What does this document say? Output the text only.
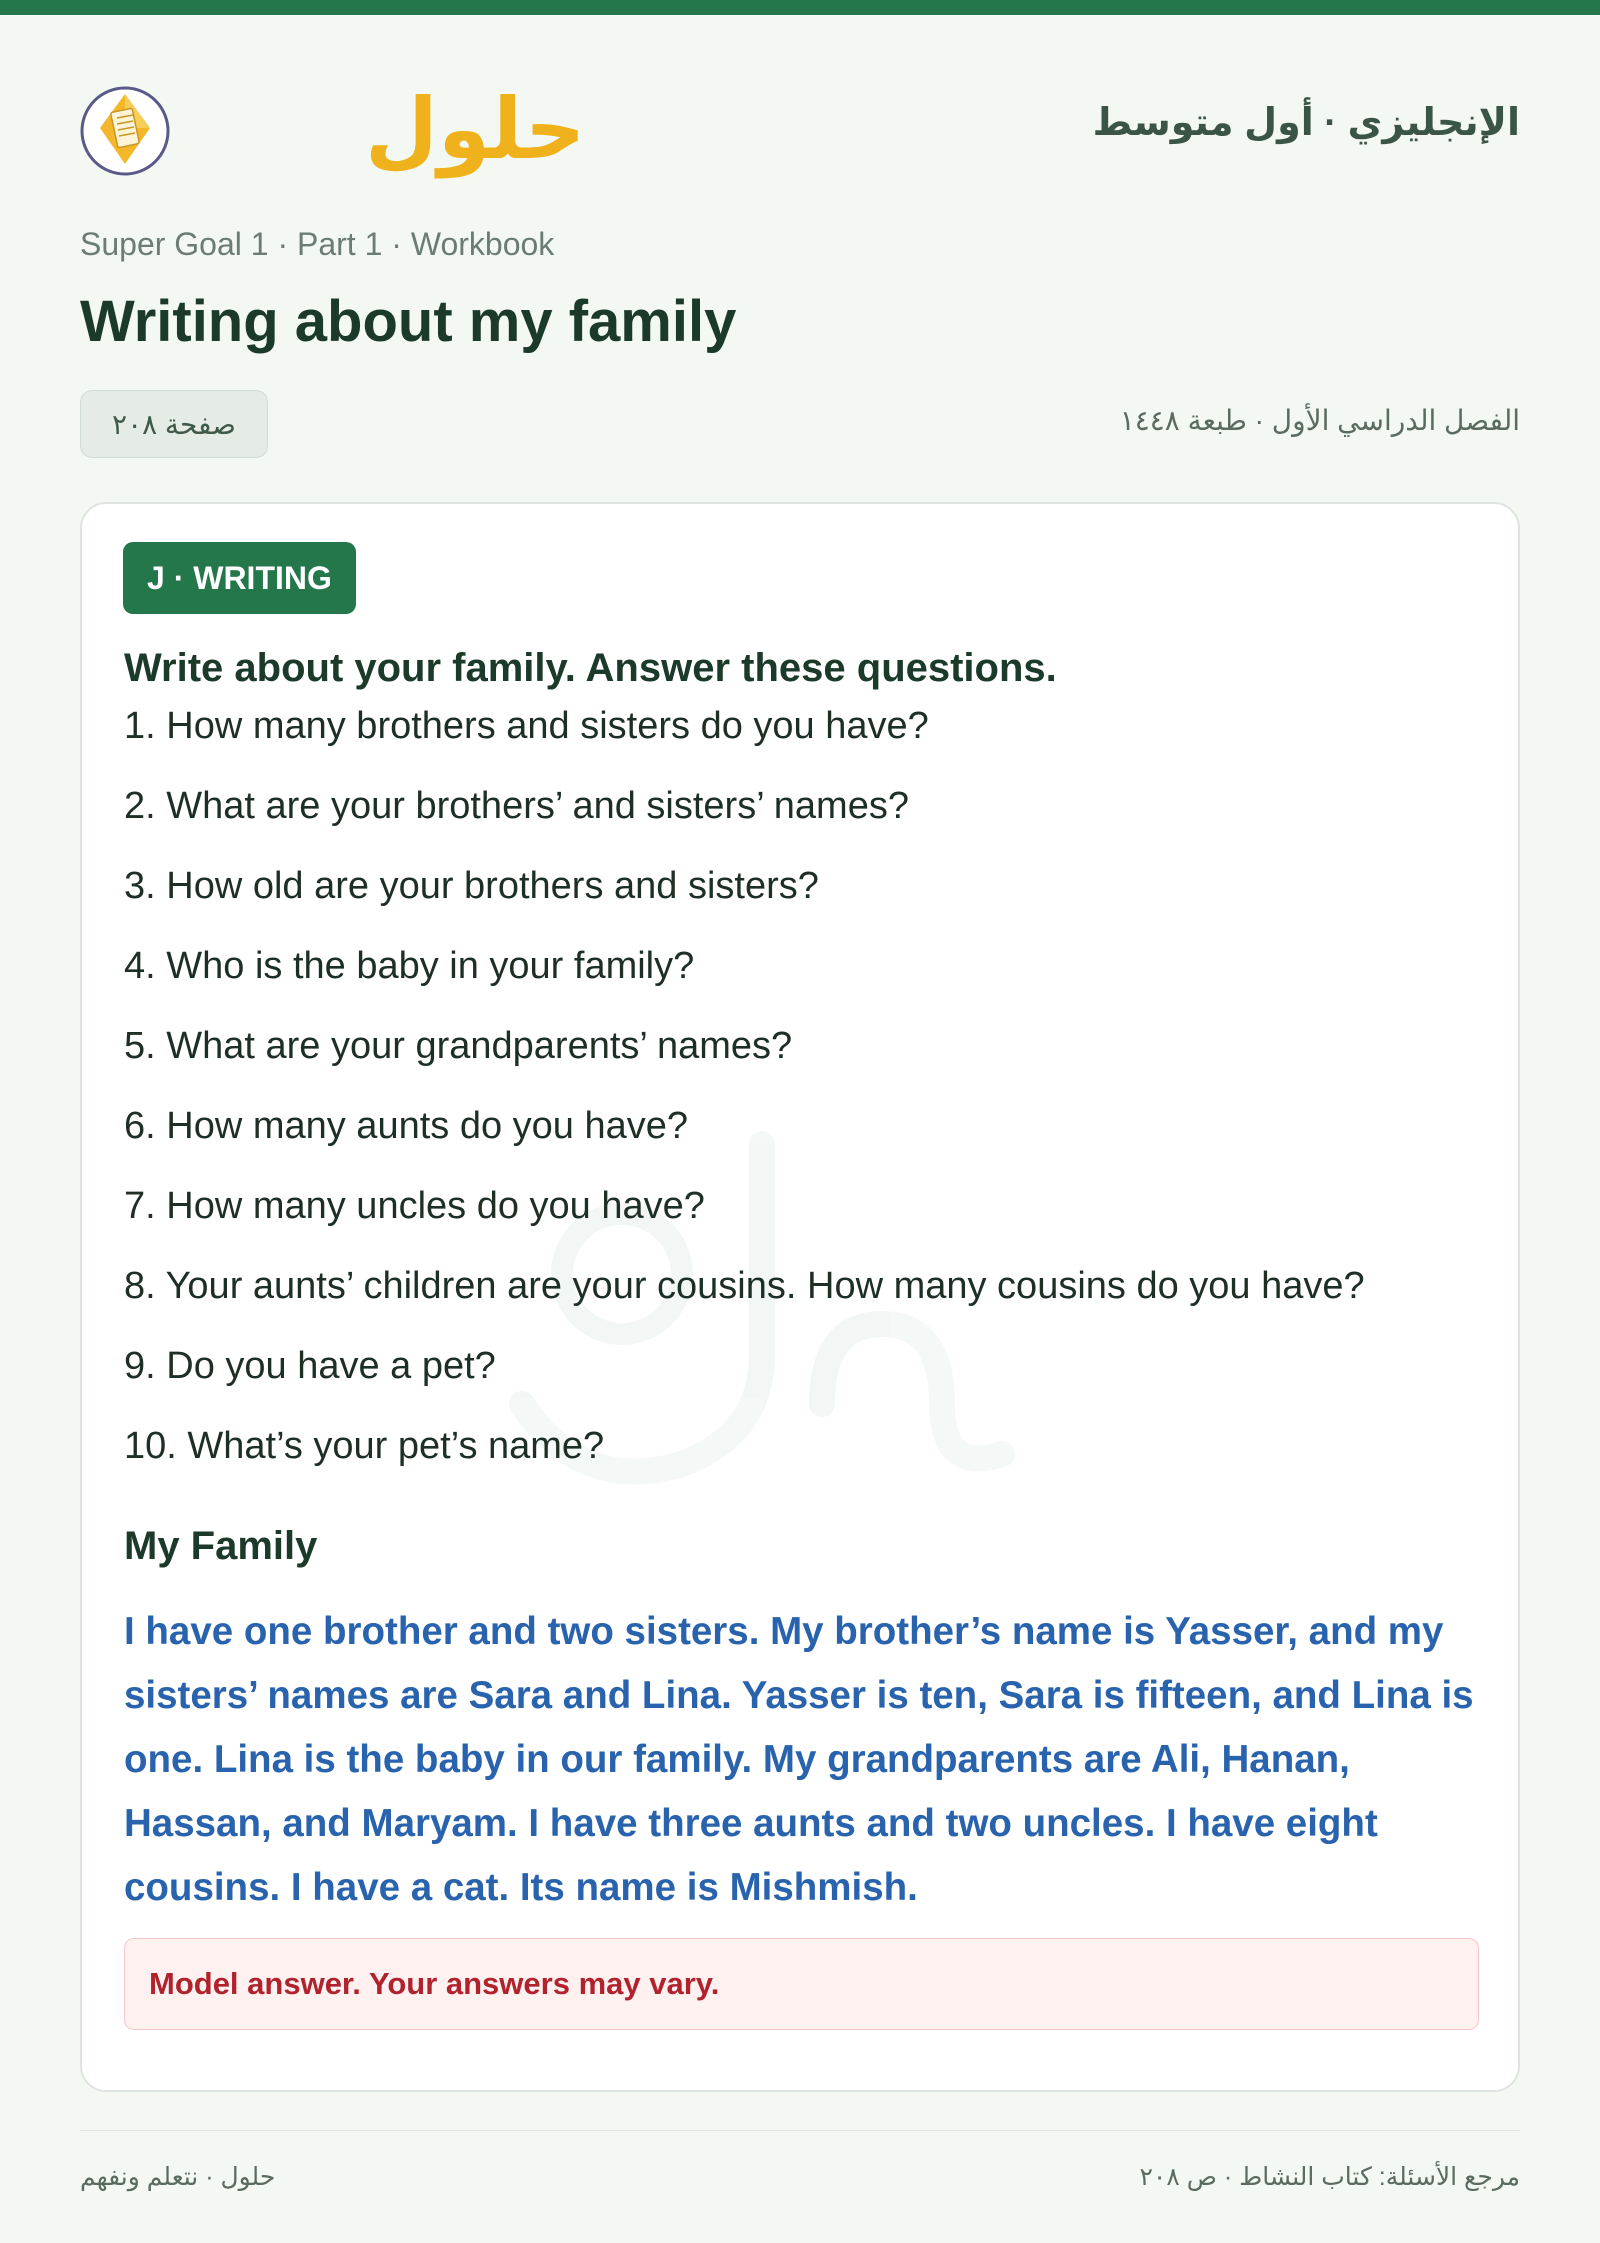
حلول	الإنجليزي · أول متوسط
Super Goal 1 · Part 1 · Workbook
Writing about my family
صفحة ٢٠٨	الفصل الدراسي الأول · طبعة ١٤٤٨
J · WRITING
Write about your family. Answer these questions.
1. How many brothers and sisters do you have?
2. What are your brothers’ and sisters’ names?
3. How old are your brothers and sisters?
4. Who is the baby in your family?
5. What are your grandparents’ names?
6. How many aunts do you have?
7. How many uncles do you have?
8. Your aunts’ children are your cousins. How many cousins do you have?
9. Do you have a pet?
10. What’s your pet’s name?
My Family

I have one brother and two sisters. My brother’s name is Yasser, and my sisters’ names are Sara and Lina. Yasser is ten, Sara is fifteen, and Lina is one. Lina is the baby in our family. My grandparents are Ali, Hanan, Hassan, and Maryam. I have three aunts and two uncles. I have eight cousins. I have a cat. Its name is Mishmish.

Model answer. Your answers may vary.
حلول · نتعلم ونفهم	مرجع الأسئلة: كتاب النشاط · ص ٢٠٨
